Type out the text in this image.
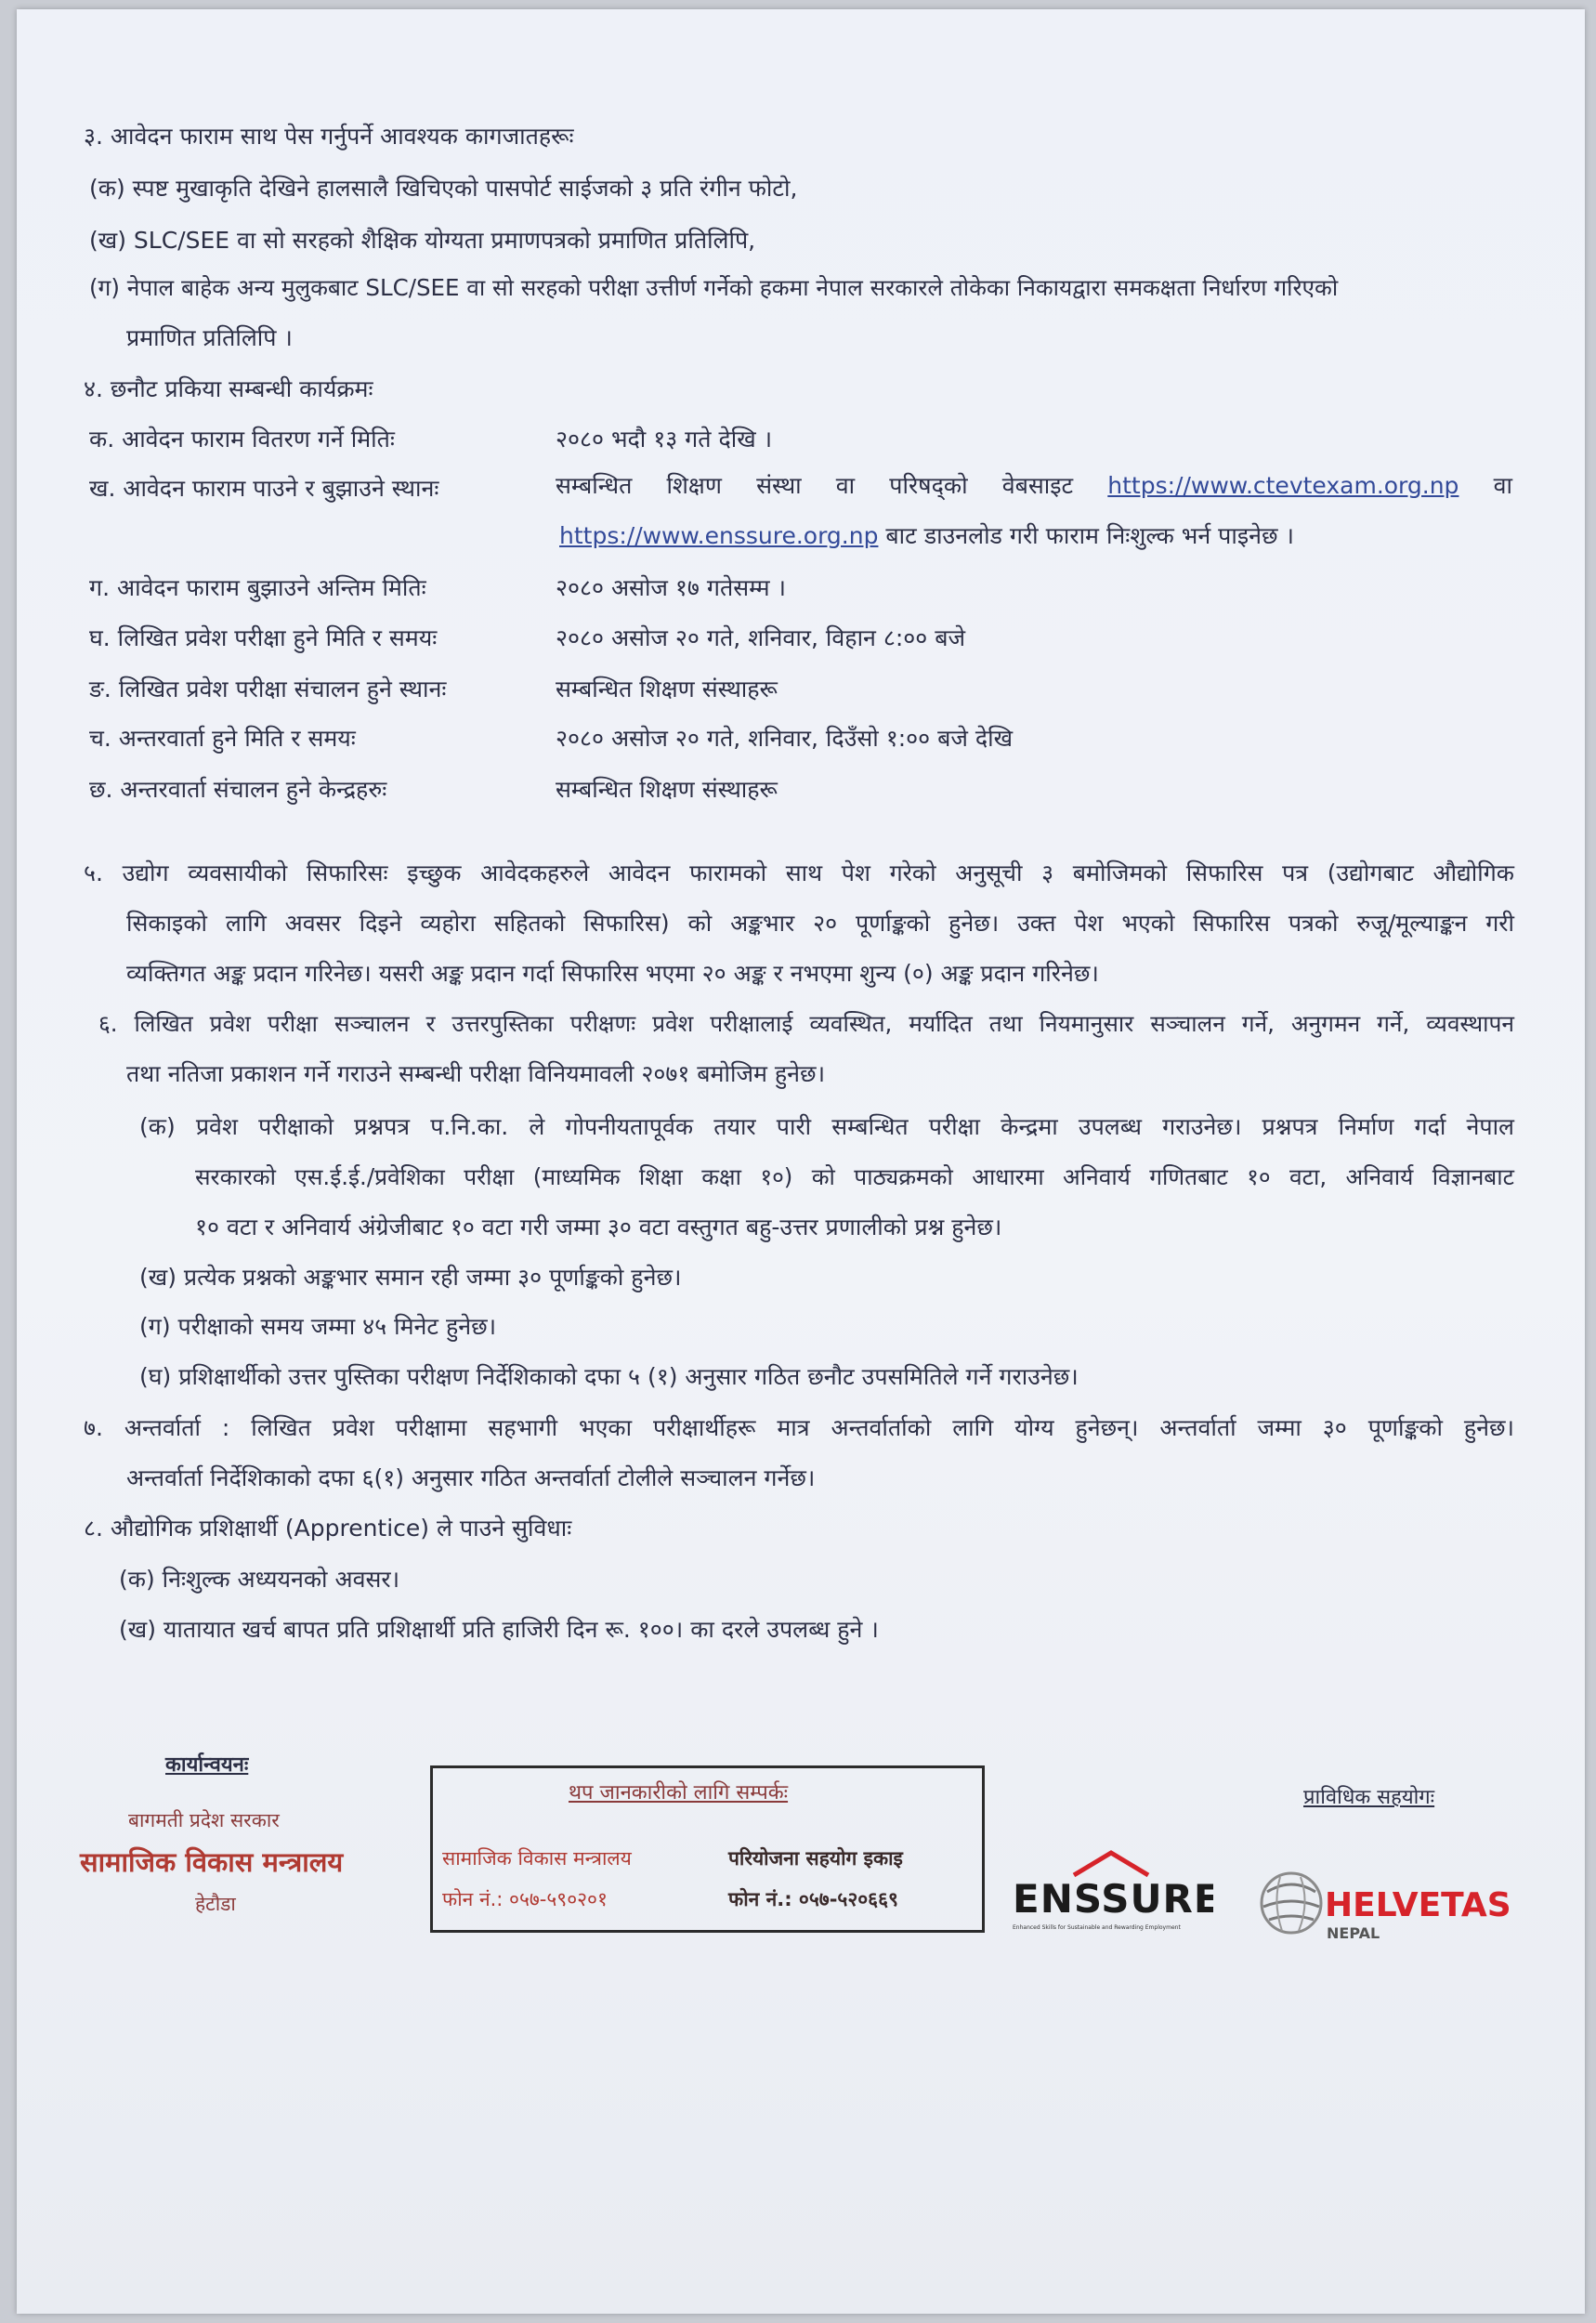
३. आवेदन फाराम साथ पेस गर्नुपर्ने आवश्यक कागजातहरूः
(क) स्पष्ट मुखाकृति देखिने हालसालै खिचिएको पासपोर्ट साईजको ३ प्रति रंगीन फोटो,
(ख) SLC/SEE वा सो सरहको शैक्षिक योग्यता प्रमाणपत्रको प्रमाणित प्रतिलिपि,
(ग) नेपाल बाहेक अन्य मुलुकबाट SLC/SEE वा सो सरहको परीक्षा उत्तीर्ण गर्नेको हकमा नेपाल सरकारले तोकेका निकायद्वारा समकक्षता निर्धारण गरिएको
प्रमाणित प्रतिलिपि ।
४. छनौट प्रकिया सम्बन्धी कार्यक्रमः
क. आवेदन फाराम वितरण गर्ने मितिः	२०८० भदौ १३ गते देखि ।
ख. आवेदन फाराम पाउने र बुझाउने स्थानः	सम्बन्धित शिक्षण संस्था वा परिषद्को वेबसाइट https://www.ctevtexam.org.np वा
https://www.enssure.org.np बाट डाउनलोड गरी फाराम निःशुल्क भर्न पाइनेछ ।
ग. आवेदन फाराम बुझाउने अन्तिम मितिः	२०८० असोज १७ गतेसम्म ।
घ. लिखित प्रवेश परीक्षा हुने मिति र समयः	२०८० असोज २० गते, शनिवार, विहान ८:०० बजे
ङ. लिखित प्रवेश परीक्षा संचालन हुने स्थानः	सम्बन्धित शिक्षण संस्थाहरू
च. अन्तरवार्ता हुने मिति र समयः	२०८० असोज २० गते, शनिवार, दिउँसो १:०० बजे देखि
छ. अन्तरवार्ता संचालन हुने केन्द्रहरुः	सम्बन्धित शिक्षण संस्थाहरू
५. उद्योग व्यवसायीको सिफारिसः इच्छुक आवेदकहरुले आवेदन फारामको साथ पेश गरेको अनुसूची ३ बमोजिमको सिफारिस पत्र (उद्योगबाट औद्योगिक
सिकाइको लागि अवसर दिइने व्यहोरा सहितको सिफारिस) को अङ्कभार २० पूर्णाङ्कको हुनेछ। उक्त पेश भएको सिफारिस पत्रको रुजू/मूल्याङ्कन गरी
व्यक्तिगत अङ्क प्रदान गरिनेछ। यसरी अङ्क प्रदान गर्दा सिफारिस भएमा २० अङ्क र नभएमा शुन्य (०) अङ्क प्रदान गरिनेछ।
६. लिखित प्रवेश परीक्षा सञ्चालन र उत्तरपुस्तिका परीक्षणः प्रवेश परीक्षालाई व्यवस्थित, मर्यादित तथा नियमानुसार सञ्चालन गर्ने, अनुगमन गर्ने, व्यवस्थापन
तथा नतिजा प्रकाशन गर्ने गराउने सम्बन्धी परीक्षा विनियमावली २०७१ बमोजिम हुनेछ।
(क) प्रवेश परीक्षाको प्रश्नपत्र प.नि.का. ले गोपनीयतापूर्वक तयार पारी सम्बन्धित परीक्षा केन्द्रमा उपलब्ध गराउनेछ। प्रश्नपत्र निर्माण गर्दा नेपाल
सरकारको एस.ई.ई./प्रवेशिका परीक्षा (माध्यमिक शिक्षा कक्षा १०) को पाठ्यक्रमको आधारमा अनिवार्य गणितबाट १० वटा, अनिवार्य विज्ञानबाट
१० वटा र अनिवार्य अंग्रेजीबाट १० वटा गरी जम्मा ३० वटा वस्तुगत बहु-उत्तर प्रणालीको प्रश्न हुनेछ।
(ख) प्रत्येक प्रश्नको अङ्कभार समान रही जम्मा ३० पूर्णाङ्कको हुनेछ।
(ग) परीक्षाको समय जम्मा ४५ मिनेट हुनेछ।
(घ) प्रशिक्षार्थीको उत्तर पुस्तिका परीक्षण निर्देशिकाको दफा ५ (१) अनुसार गठित छनौट उपसमितिले गर्ने गराउनेछ।
७. अन्तर्वार्ता : लिखित प्रवेश परीक्षामा सहभागी भएका परीक्षार्थीहरू मात्र अन्तर्वार्ताको लागि योग्य हुनेछन्। अन्तर्वार्ता जम्मा ३० पूर्णाङ्कको हुनेछ।
अन्तर्वार्ता निर्देशिकाको दफा ६(१) अनुसार गठित अन्तर्वार्ता टोलीले सञ्चालन गर्नेछ।
८. औद्योगिक प्रशिक्षार्थी (Apprentice) ले पाउने सुविधाः
(क) निःशुल्क अध्ययनको अवसर।
(ख) यातायात खर्च बापत प्रति प्रशिक्षार्थी प्रति हाजिरी दिन रू. १००। का दरले उपलब्ध हुने ।
कार्यान्वयनः
बागमती प्रदेश सरकार
सामाजिक विकास मन्त्रालय
हेटौडा
थप जानकारीको लागि सम्पर्कः
सामाजिक विकास मन्त्रालय
फोन नं.: ०५७-५९०२०१
परियोजना सहयोग इकाइ
फोन नं.: ०५७-५२०६६९
प्राविधिक सहयोगः
ENSSURE
Enhanced Skills for Sustainable and Rewarding Employment
HELVETAS
NEPAL
